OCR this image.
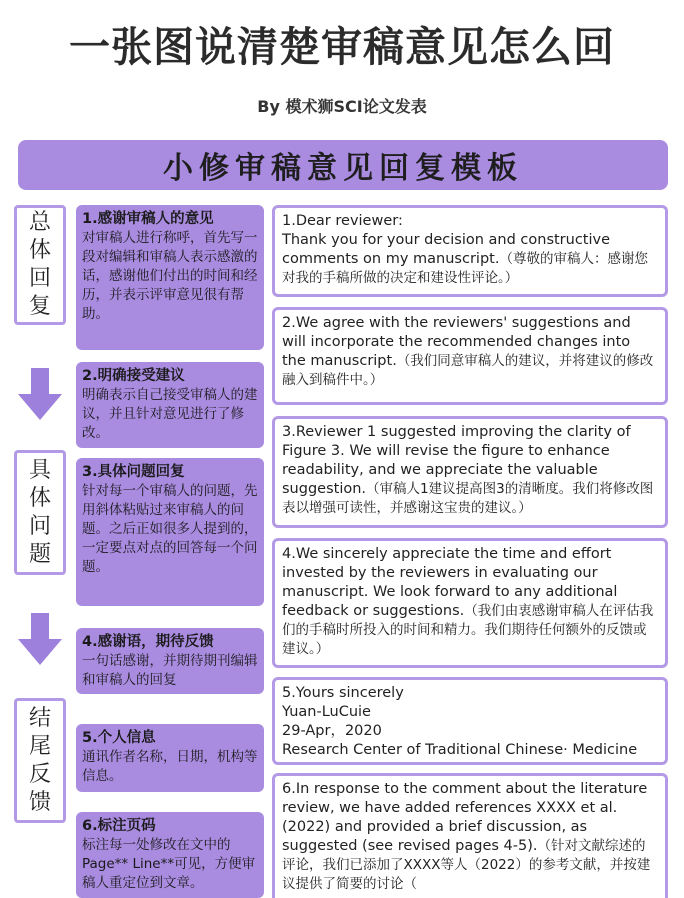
一张图说清楚审稿意见怎么回
By 模术狮SCI论文发表
小修审稿意见回复模板
总
体
回
复
具
体
问
题
结
尾
反
馈
1.感谢审稿人的意见
对审稿人进行称呼，首先写一段对编辑和审稿人表示感激的话，感谢他们付出的时间和经历，并表示评审意见很有帮助。
2.明确接受建议
明确表示自己接受审稿人的建议，并且针对意见进行了修改。
3.具体问题回复
针对每一个审稿人的问题，先用斜体粘贴过来审稿人的问题。之后正如很多人提到的，一定要点对点的回答每一个问题。
4.感谢语，期待反馈
一句话感谢，并期待期刊编辑和审稿人的回复
5.个人信息
通讯作者名称，日期，机构等信息。
6.标注页码
标注每一处修改在文中的Page** Line**可见，方便审稿人重定位到文章。
1.Dear reviewer:
Thank you for your decision and constructive comments on my manuscript.（尊敬的审稿人：感谢您对我的手稿所做的决定和建设性评论。）
2.We agree with the reviewers' suggestions and will incorporate the recommended changes into the manuscript.（我们同意审稿人的建议，并将建议的修改融入到稿件中。）
3.Reviewer 1 suggested improving the clarity of Figure 3. We will revise the figure to enhance readability, and we appreciate the valuable suggestion.（审稿人1建议提高图3的清晰度。我们将修改图表以增强可读性，并感谢这宝贵的建议。）
4.We sincerely appreciate the time and effort invested by the reviewers in evaluating our manuscript. We look forward to any additional feedback or suggestions.（我们由衷感谢审稿人在评估我们的手稿时所投入的时间和精力。我们期待任何额外的反馈或建议。）
5.Yours sincerely
Yuan-LuCuie
29-Apr，2020
Research Center of Traditional Chinese· Medicine
6.In response to the comment about the literature review, we have added references XXXX et al. (2022) and provided a brief discussion, as suggested (see revised pages 4-5).（针对文献综述的评论，我们已添加了XXXX等人（2022）的参考文献，并按建议提供了简要的讨论（
